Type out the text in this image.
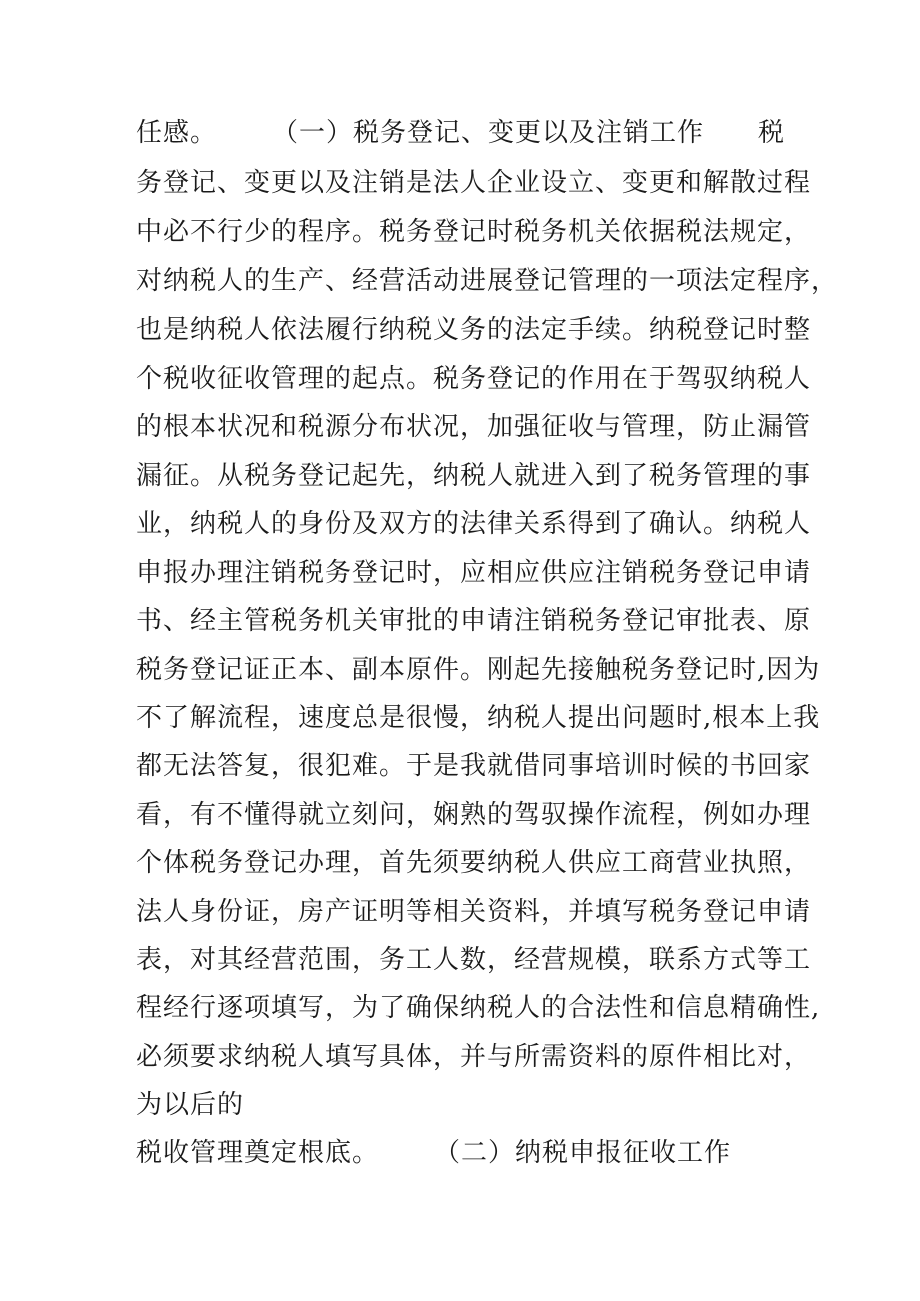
任感。　　　（一）税务登记、变更以及注销工作　　税
务登记、变更以及注销是法人企业设立、变更和解散过程
中必不行少的程序。税务登记时税务机关依据税法规定，
对纳税人的生产、经营活动进展登记管理的一项法定程序，
也是纳税人依法履行纳税义务的法定手续。纳税登记时整
个税收征收管理的起点。税务登记的作用在于驾驭纳税人
的根本状况和税源分布状况，加强征收与管理，防止漏管
漏征。从税务登记起先，纳税人就进入到了税务管理的事
业，纳税人的身份及双方的法律关系得到了确认。纳税人
申报办理注销税务登记时，应相应供应注销税务登记申请
书、经主管税务机关审批的申请注销税务登记审批表、原
税务登记证正本、副本原件。刚起先接触税务登记时,因为
不了解流程，速度总是很慢，纳税人提出问题时,根本上我
都无法答复，很犯难。于是我就借同事培训时候的书回家
看，有不懂得就立刻问，娴熟的驾驭操作流程，例如办理
个体税务登记办理，首先须要纳税人供应工商营业执照，
法人身份证，房产证明等相关资料，并填写税务登记申请
表，对其经营范围，务工人数，经营规模，联系方式等工
程经行逐项填写，为了确保纳税人的合法性和信息精确性,
必须要求纳税人填写具体，并与所需资料的原件相比对，
为以后的
税收管理奠定根底。　　　（二）纳税申报征收工作
